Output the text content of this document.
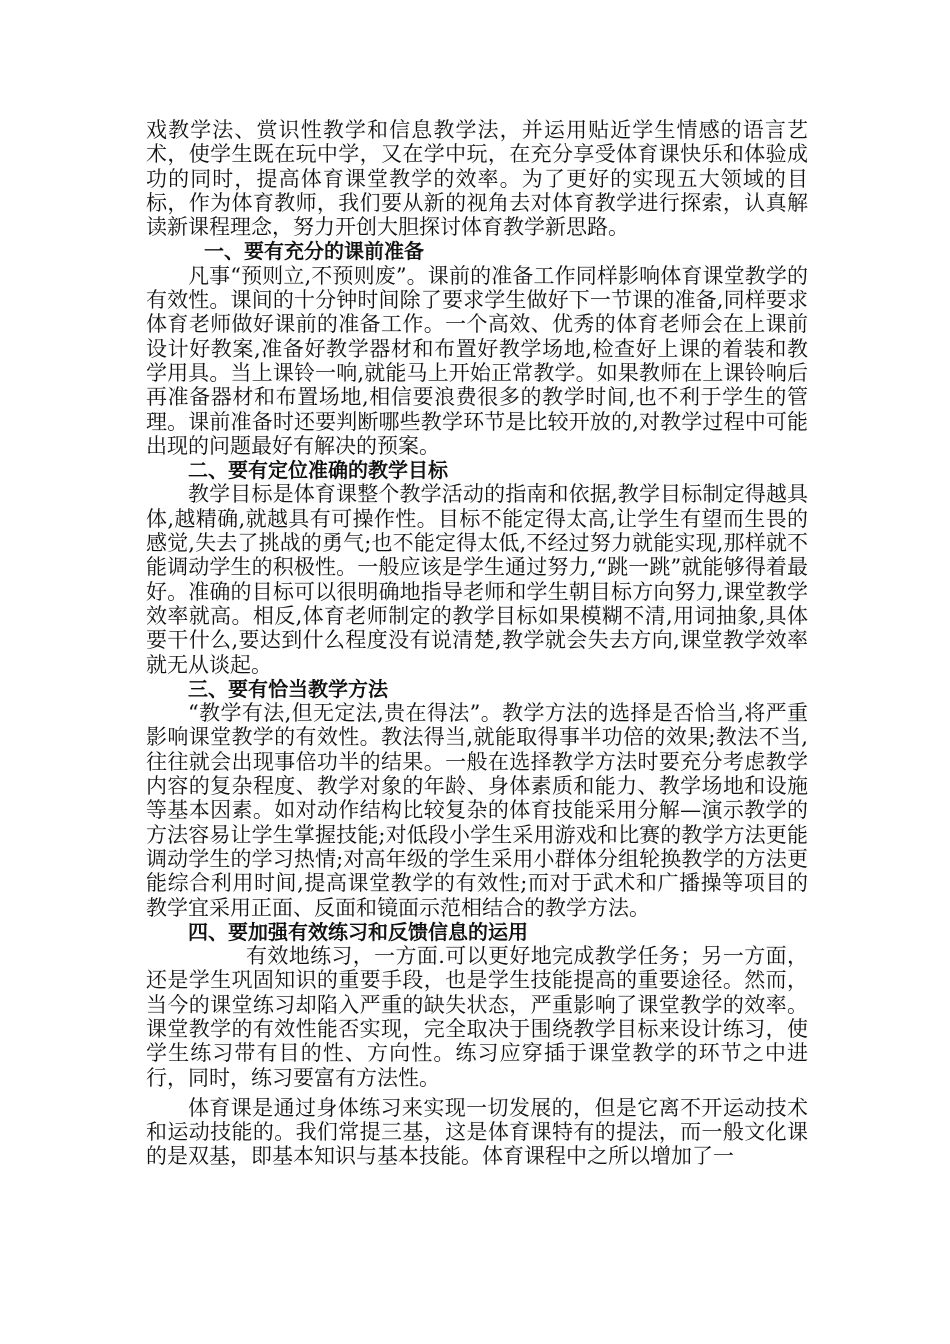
戏教学法、赏识性教学和信息教学法，并运用贴近学生情感的语言艺术，使学生既在玩中学，又在学中玩，在充分享受体育课快乐和体验成功的同时，提高体育课堂教学的效率。为了更好的实现五大领域的目标，作为体育教师，我们要从新的视角去对体育教学进行探索，认真解读新课程理念，努力开创大胆探讨体育教学新思路。

一、要有充分的课前准备

凡事“预则立,不预则废”。课前的准备工作同样影响体育课堂教学的有效性。课间的十分钟时间除了要求学生做好下一节课的准备,同样要求体育老师做好课前的准备工作。一个高效、优秀的体育老师会在上课前设计好教案,准备好教学器材和布置好教学场地,检查好上课的着装和教学用具。当上课铃一响,就能马上开始正常教学。如果教师在上课铃响后再准备器材和布置场地,相信要浪费很多的教学时间,也不利于学生的管理。课前准备时还要判断哪些教学环节是比较开放的,对教学过程中可能出现的问题最好有解决的预案。

二、要有定位准确的教学目标

教学目标是体育课整个教学活动的指南和依据,教学目标制定得越具体,越精确,就越具有可操作性。目标不能定得太高,让学生有望而生畏的感觉,失去了挑战的勇气;也不能定得太低,不经过努力就能实现,那样就不能调动学生的积极性。一般应该是学生通过努力,“跳一跳”就能够得着最好。准确的目标可以很明确地指导老师和学生朝目标方向努力,课堂教学效率就高。相反,体育老师制定的教学目标如果模糊不清,用词抽象,具体要干什么,要达到什么程度没有说清楚,教学就会失去方向,课堂教学效率就无从谈起。

三、要有恰当教学方法

“教学有法,但无定法,贵在得法”。教学方法的选择是否恰当,将严重影响课堂教学的有效性。教法得当,就能取得事半功倍的效果;教法不当,往往就会出现事倍功半的结果。一般在选择教学方法时要充分考虑教学内容的复杂程度、教学对象的年龄、身体素质和能力、教学场地和设施等基本因素。如对动作结构比较复杂的体育技能采用分解—演示教学的方法容易让学生掌握技能;对低段小学生采用游戏和比赛的教学方法更能调动学生的学习热情;对高年级的学生采用小群体分组轮换教学的方法更能综合利用时间,提高课堂教学的有效性;而对于武术和广播操等项目的教学宜采用正面、反面和镜面示范相结合的教学方法。

四、要加强有效练习和反馈信息的运用

有效地练习，一方面.可以更好地完成教学任务；另一方面，还是学生巩固知识的重要手段，也是学生技能提高的重要途径。然而，当今的课堂练习却陷入严重的缺失状态，严重影响了课堂教学的效率。课堂教学的有效性能否实现，完全取决于围绕教学目标来设计练习，使学生练习带有目的性、方向性。练习应穿插于课堂教学的环节之中进行，同时，练习要富有方法性。

体育课是通过身体练习来实现一切发展的，但是它离不开运动技术和运动技能的。我们常提三基，这是体育课特有的提法，而一般文化课的是双基，即基本知识与基本技能。体育课程中之所以增加了一
